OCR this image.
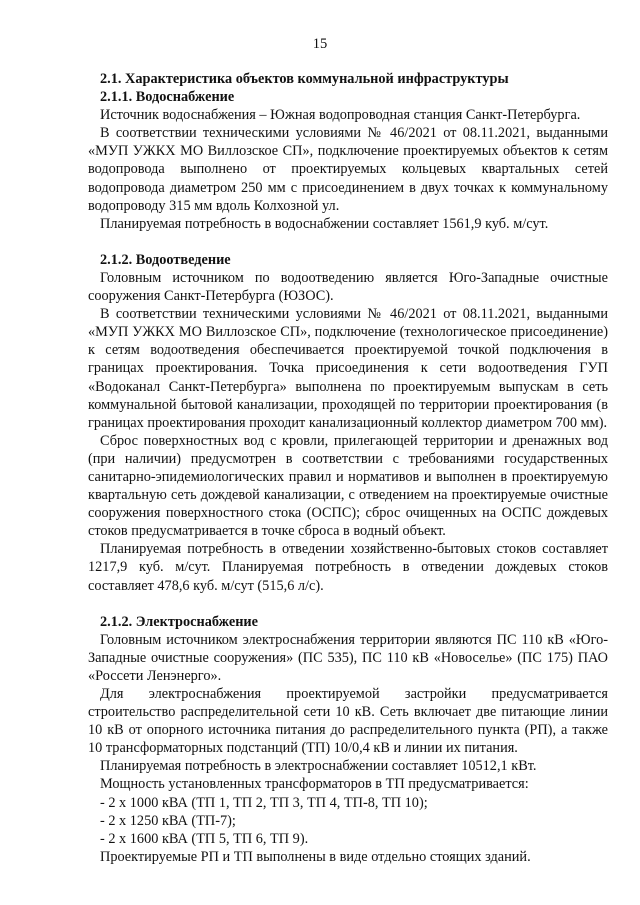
15
2.1. Характеристика объектов коммунальной инфраструктуры
2.1.1. Водоснабжение

Источник водоснабжения – Южная водопроводная станция Санкт-Петербурга.

В соответствии техническими условиями № 46/2021 от 08.11.2021, выданными «МУП УЖКХ МО Виллозское СП», подключение проектируемых объектов к сетям водопровода выполнено от проектируемых кольцевых квартальных сетей водопровода диаметром 250 мм с присоединением в двух точках к коммунальному водопроводу 315 мм вдоль Колхозной ул.

Планируемая потребность в водоснабжении составляет 1561,9 куб. м/сут.

2.1.2. Водоотведение

Головным источником по водоотведению является Юго-Западные очистные сооружения Санкт-Петербурга (ЮЗОС).

В соответствии техническими условиями № 46/2021 от 08.11.2021, выданными «МУП УЖКХ МО Виллозское СП», подключение (технологическое присоединение) к сетям водоотведения обеспечивается проектируемой точкой подключения в границах проектирования. Точка присоединения к сети водоотведения ГУП «Водоканал Санкт-Петербурга» выполнена по проектируемым выпускам в сеть коммунальной бытовой канализации, проходящей по территории проектирования (в границах проектирования проходит канализационный коллектор диаметром 700 мм).

Сброс поверхностных вод с кровли, прилегающей территории и дренажных вод (при наличии) предусмотрен в соответствии с требованиями государственных санитарно-эпидемиологических правил и нормативов и выполнен в проектируемую квартальную сеть дождевой канализации, с отведением на проектируемые очистные сооружения поверхностного стока (ОСПС); сброс очищенных на ОСПС дождевых стоков предусматривается в точке сброса в водный объект.

Планируемая потребность в отведении хозяйственно-бытовых стоков составляет 1217,9 куб. м/сут. Планируемая потребность в отведении дождевых стоков составляет 478,6 куб. м/сут (515,6 л/с).

2.1.2. Электроснабжение

Головным источником электроснабжения территории являются ПС 110 кВ «Юго-Западные очистные сооружения» (ПС 535), ПС 110 кВ «Новоселье» (ПС 175) ПАО «Россети Ленэнерго».

Для электроснабжения проектируемой застройки предусматривается строительство распределительной сети 10 кВ. Сеть включает две питающие линии 10 кВ от опорного источника питания до распределительного пункта (РП), а также 10 трансформаторных подстанций (ТП) 10/0,4 кВ и линии их питания.

Планируемая потребность в электроснабжении составляет 10512,1 кВт.

Мощность установленных трансформаторов в ТП предусматривается:

- 2 х 1000 кВА (ТП 1, ТП 2, ТП 3, ТП 4, ТП-8, ТП 10);
- 2 х 1250 кВА (ТП-7);
- 2 х 1600 кВА (ТП 5, ТП 6, ТП 9).

Проектируемые РП и ТП выполнены в виде отдельно стоящих зданий.
